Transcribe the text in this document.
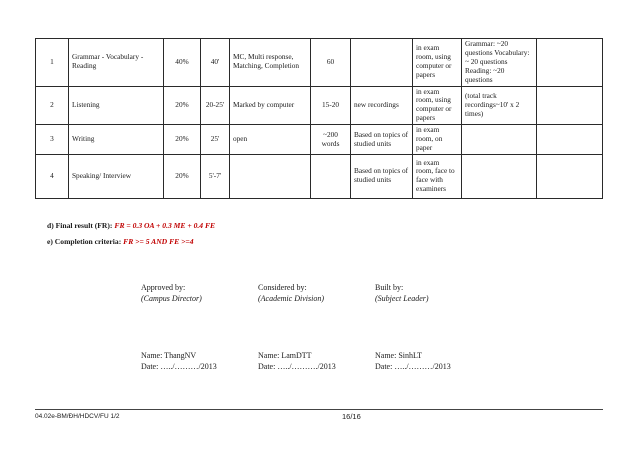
1	Grammar - Vocabulary - Reading	40%	40'	MC, Multi response, Matching, Completion	60		in exam room, using computer or papers	Grammar: ~20 questions Vocabulary: ~ 20 questions Reading: ~20 questions	
2	Listening	20%	20-25'	Marked by computer	15-20	new recordings	in exam room, using computer or papers	(total track recordings~10' x 2 times)	
3	Writing	20%	25'	open	~200 words	Based on topics of studied units	in exam room, on paper		
4	Speaking/ Interview	20%	5'-7'			Based on topics of studied units	in exam room, face to face with examiners		
d) Final result (FR): FR = 0.3 OA + 0.3 ME + 0.4 FE
e) Completion criteria: FR >= 5 AND FE >=4
Approved by:
(Campus Director)
Considered by:
(Academic Division)
Built by:
(Subject Leader)
Name: ThangNV
Date: …../………/2013
Name: LamDTT
Date: …../………./2013
Name: SinhLT
Date: …../………/2013
04.02e-BM/ĐH/HDCV/FU 1/2	16/16
